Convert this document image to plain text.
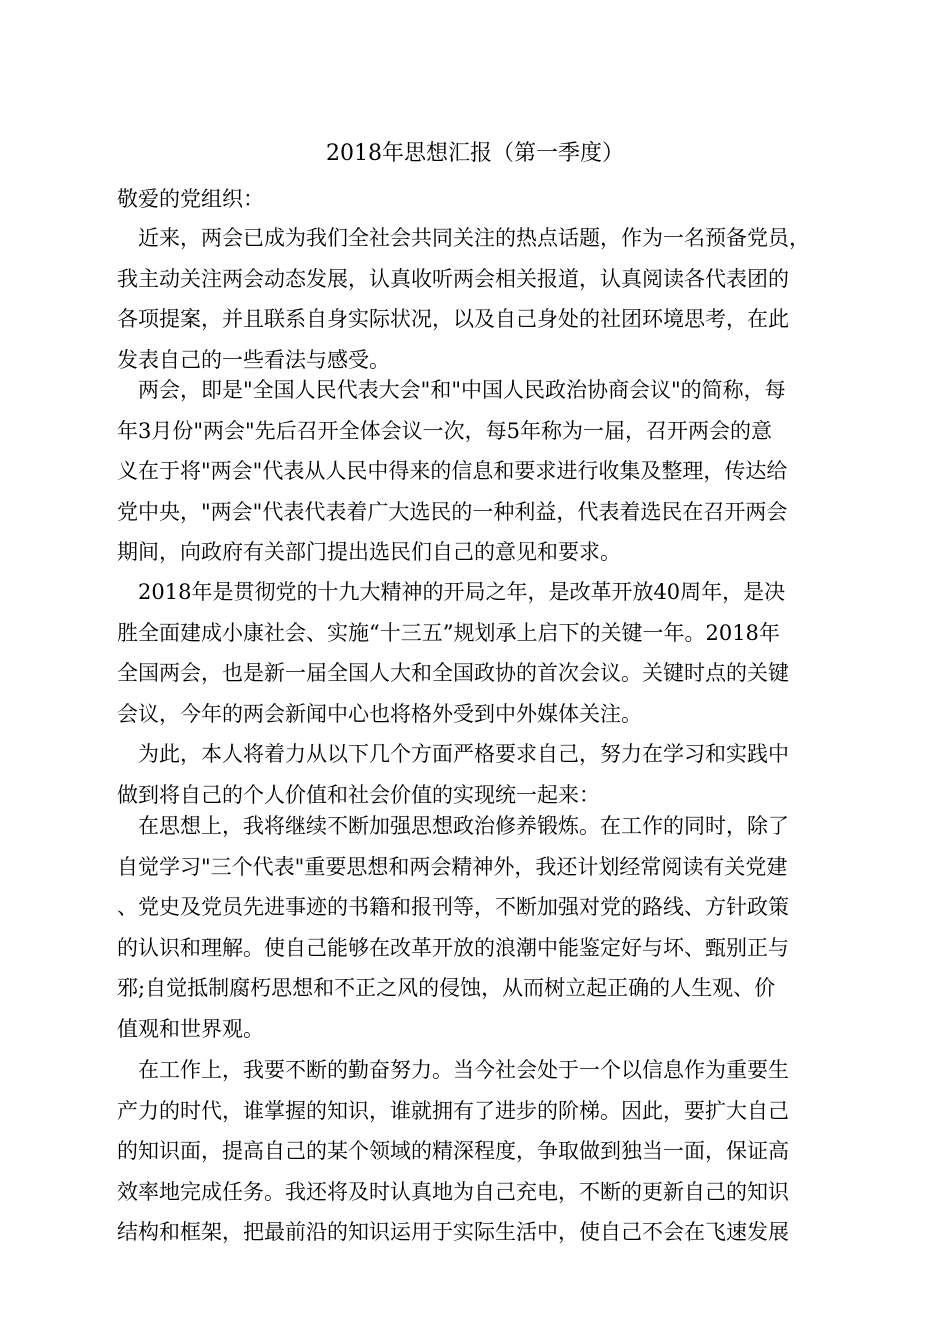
2018年思想汇报（第一季度）
敬爱的党组织：
近来，两会已成为我们全社会共同关注的热点话题，作为一名预备党员，
我主动关注两会动态发展，认真收听两会相关报道，认真阅读各代表团的
各项提案，并且联系自身实际状况，以及自己身处的社团环境思考，在此
发表自己的一些看法与感受。
两会，即是"全国人民代表大会"和"中国人民政治协商会议"的简称，每
年3月份"两会"先后召开全体会议一次，每5年称为一届，召开两会的意
义在于将"两会"代表从人民中得来的信息和要求进行收集及整理，传达给
党中央，"两会"代表代表着广大选民的一种利益，代表着选民在召开两会
期间，向政府有关部门提出选民们自己的意见和要求。
2018年是贯彻党的十九大精神的开局之年，是改革开放40周年，是决
胜全面建成小康社会、实施“十三五”规划承上启下的关键一年。2018年
全国两会，也是新一届全国人大和全国政协的首次会议。关键时点的关键
会议，今年的两会新闻中心也将格外受到中外媒体关注。
为此，本人将着力从以下几个方面严格要求自己，努力在学习和实践中
做到将自己的个人价值和社会价值的实现统一起来：
在思想上，我将继续不断加强思想政治修养锻炼。在工作的同时，除了
自觉学习"三个代表"重要思想和两会精神外，我还计划经常阅读有关党建
、党史及党员先进事迹的书籍和报刊等，不断加强对党的路线、方针政策
的认识和理解。使自己能够在改革开放的浪潮中能鉴定好与坏、甄别正与
邪;自觉抵制腐朽思想和不正之风的侵蚀，从而树立起正确的人生观、价
值观和世界观。
在工作上，我要不断的勤奋努力。当今社会处于一个以信息作为重要生
产力的时代，谁掌握的知识，谁就拥有了进步的阶梯。因此，要扩大自己
的知识面，提高自己的某个领域的精深程度，争取做到独当一面，保证高
效率地完成任务。我还将及时认真地为自己充电，不断的更新自己的知识
结构和框架，把最前沿的知识运用于实际生活中，使自己不会在飞速发展
